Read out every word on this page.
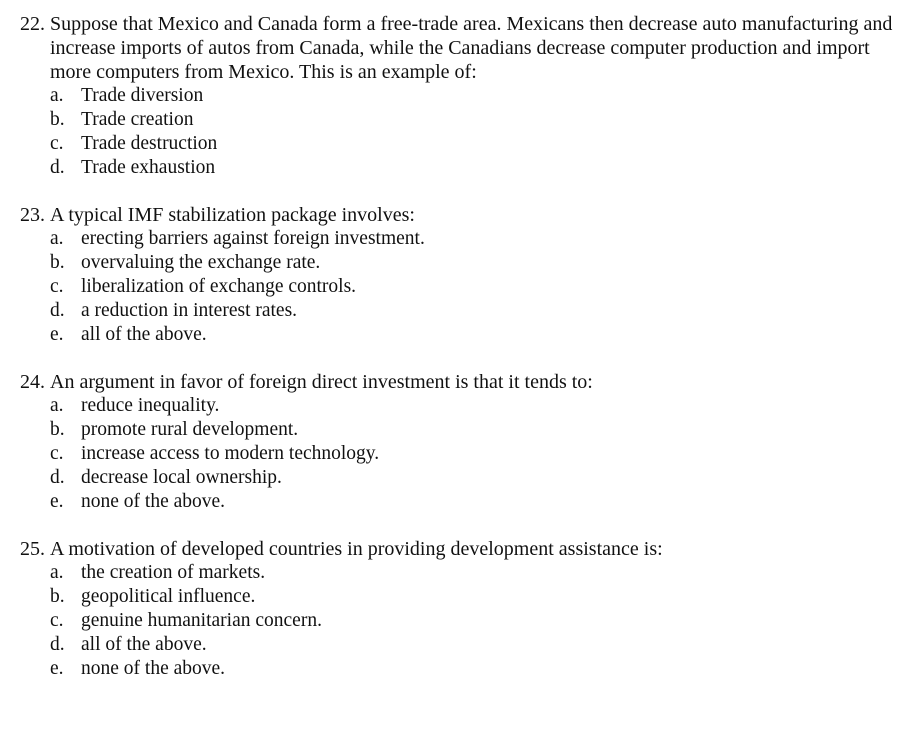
22. Suppose that Mexico and Canada form a free-trade area. Mexicans then decrease auto manufacturing and increase imports of autos from Canada, while the Canadians decrease computer production and import more computers from Mexico. This is an example of:
a. Trade diversion
b. Trade creation
c. Trade destruction
d. Trade exhaustion
23. A typical IMF stabilization package involves:
a. erecting barriers against foreign investment.
b. overvaluing the exchange rate.
c. liberalization of exchange controls.
d. a reduction in interest rates.
e. all of the above.
24. An argument in favor of foreign direct investment is that it tends to:
a. reduce inequality.
b. promote rural development.
c. increase access to modern technology.
d. decrease local ownership.
e. none of the above.
25. A motivation of developed countries in providing development assistance is:
a. the creation of markets.
b. geopolitical influence.
c. genuine humanitarian concern.
d. all of the above.
e. none of the above.
